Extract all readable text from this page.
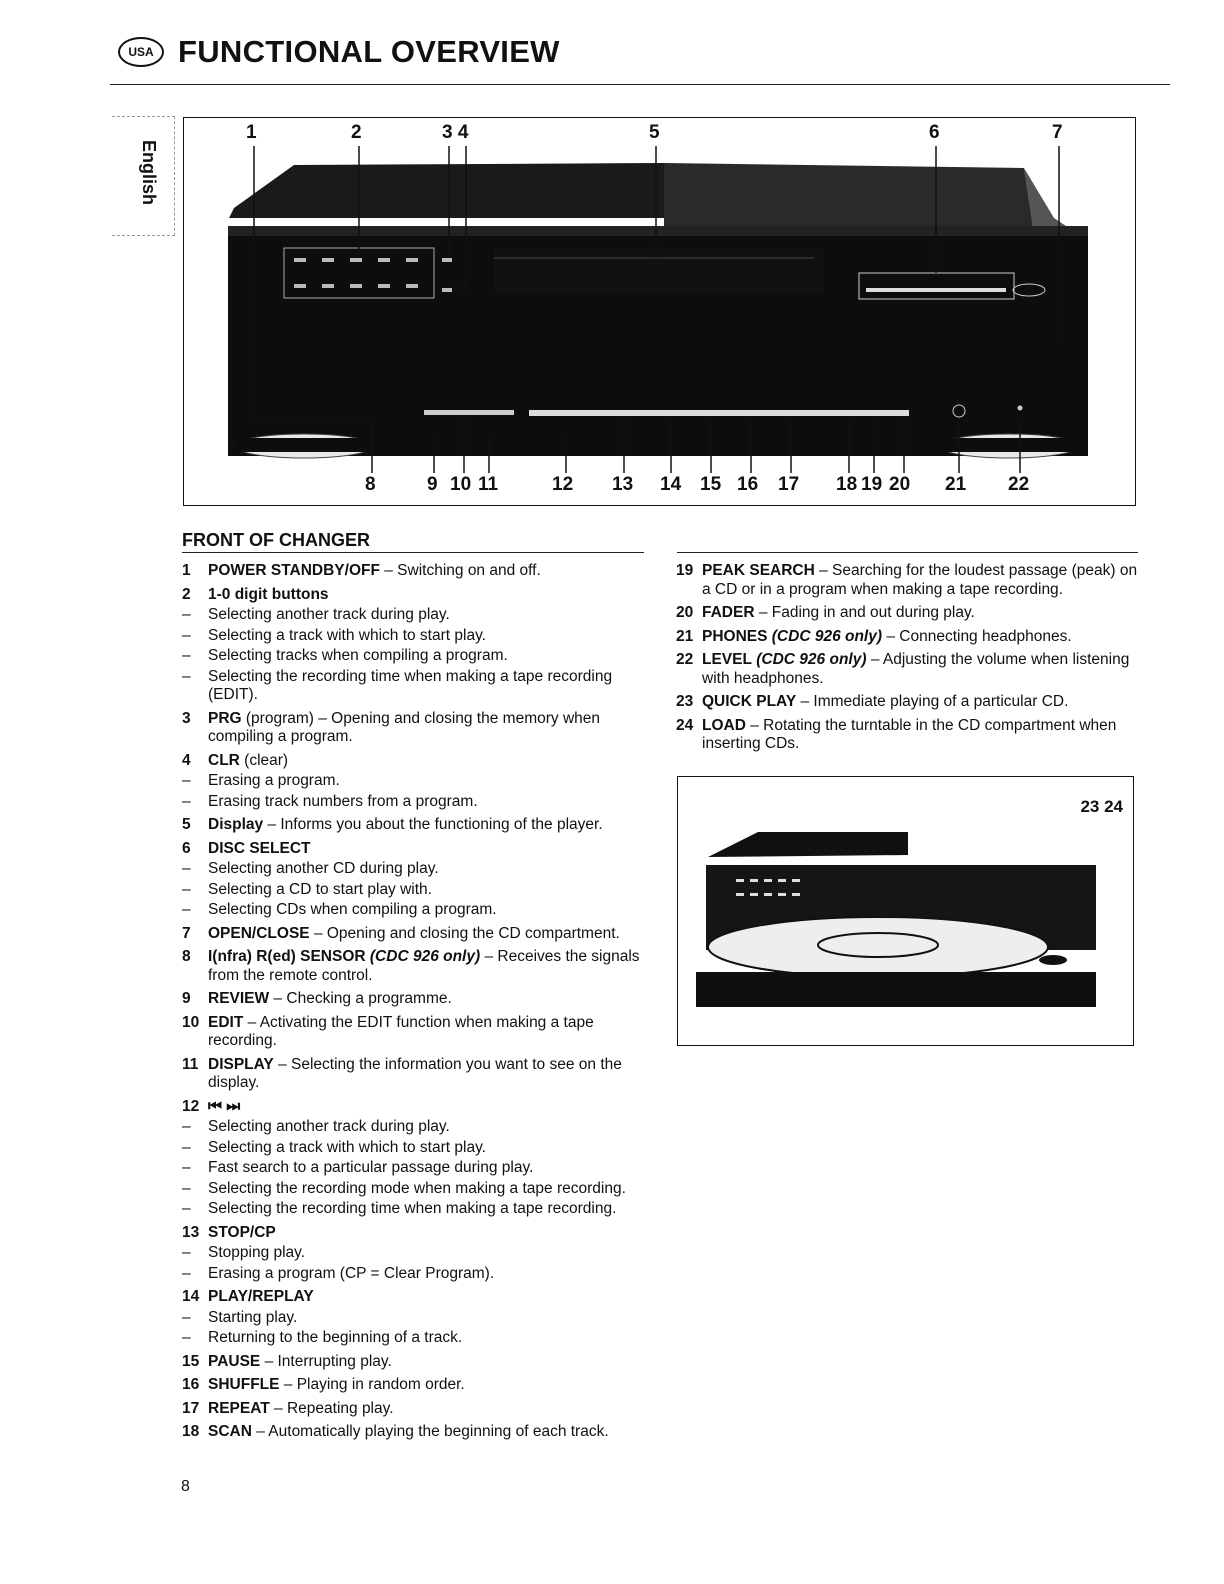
USA FUNCTIONAL OVERVIEW
English
1	2	3 4	5	6	7
8	9 10 11	12 13 14 15 16 17 18 19 20 21 22
FRONT OF CHANGER
1	POWER STANDBY/OFF – Switching on and off.
2	1-0 digit buttons
–	Selecting another track during play.
–	Selecting a track with which to start play.
–	Selecting tracks when compiling a program.
–	Selecting the recording time when making a tape recording (EDIT).
3	PRG (program) – Opening and closing the memory when compiling a program.
4	CLR (clear)
–	Erasing a program.
–	Erasing track numbers from a program.
5	Display – Informs you about the functioning of the player.
6	DISC SELECT
–	Selecting another CD during play.
–	Selecting a CD to start play with.
–	Selecting CDs when compiling a program.
7	OPEN/CLOSE – Opening and closing the CD compartment.
8	I(nfra) R(ed) SENSOR (CDC 926 only) – Receives the signals from the remote control.
9	REVIEW – Checking a programme.
10 EDIT – Activating the EDIT function when making a tape recording.
11 DISPLAY – Selecting the information you want to see on the display.
12 ⏮ ⏭
–	Selecting another track during play.
–	Selecting a track with which to start play.
–	Fast search to a particular passage during play.
–	Selecting the recording mode when making a tape recording.
–	Selecting the recording time when making a tape recording.
13 STOP/CP
–	Stopping play.
–	Erasing a program (CP = Clear Program).
14 PLAY/REPLAY
–	Starting play.
–	Returning to the beginning of a track.
15 PAUSE – Interrupting play.
16 SHUFFLE – Playing in random order.
17 REPEAT – Repeating play.
18 SCAN – Automatically playing the beginning of each track.
19 PEAK SEARCH – Searching for the loudest passage (peak) on a CD or in a program when making a tape recording.
20 FADER – Fading in and out during play.
21 PHONES (CDC 926 only) – Connecting headphones.
22 LEVEL (CDC 926 only) – Adjusting the volume when listening with headphones.
23 QUICK PLAY – Immediate playing of a particular CD.
24 LOAD – Rotating the turntable in the CD compartment when inserting CDs.
23 24
8
